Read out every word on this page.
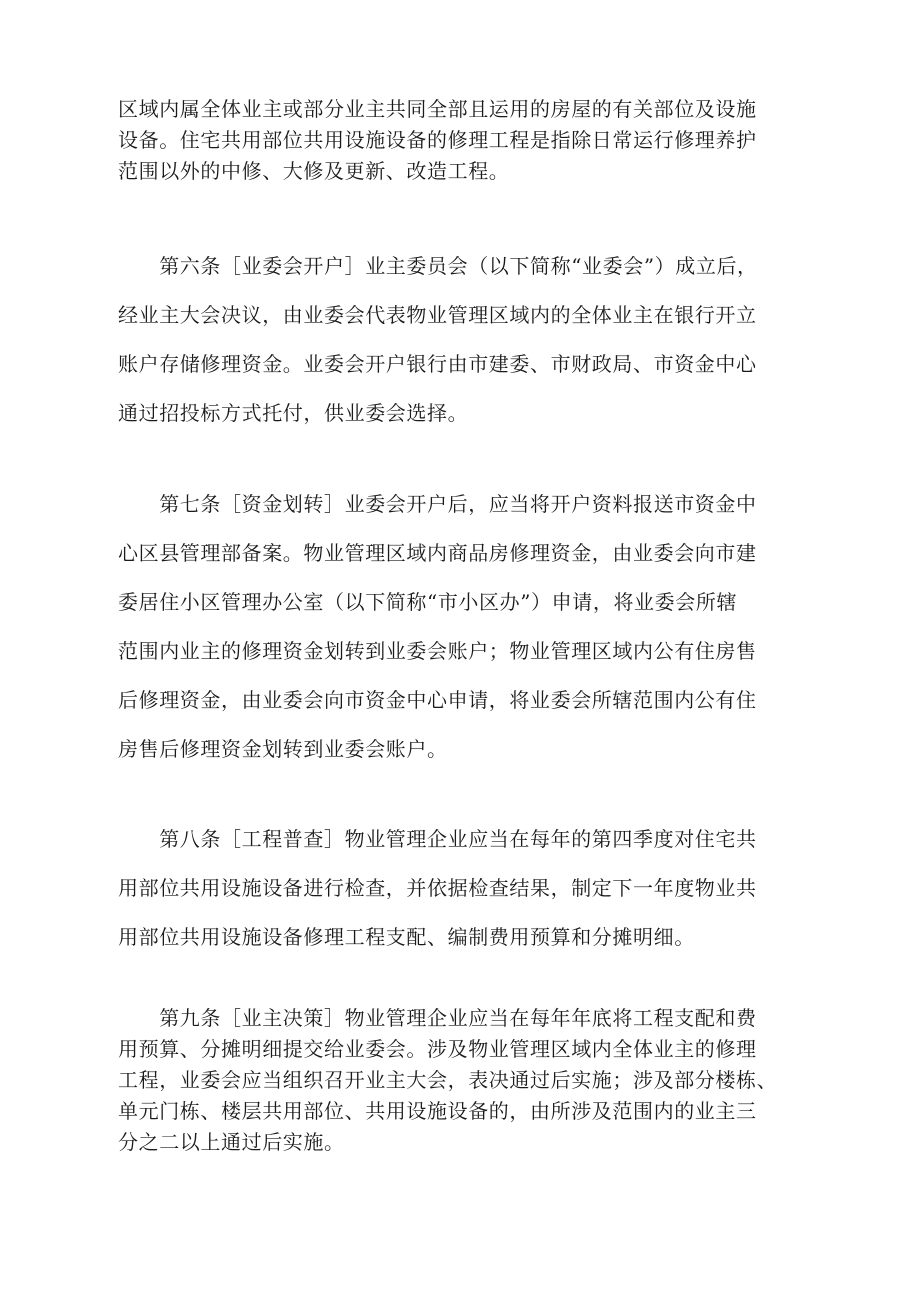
区域内属全体业主或部分业主共同全部且运用的房屋的有关部位及设施
设备。住宅共用部位共用设施设备的修理工程是指除日常运行修理养护
范围以外的中修、大修及更新、改造工程。
　　第六条［业委会开户］业主委员会（以下简称“业委会”）成立后，
经业主大会决议，由业委会代表物业管理区域内的全体业主在银行开立
账户存储修理资金。业委会开户银行由市建委、市财政局、市资金中心
通过招投标方式托付，供业委会选择。
　　第七条［资金划转］业委会开户后，应当将开户资料报送市资金中
心区县管理部备案。物业管理区域内商品房修理资金，由业委会向市建
委居住小区管理办公室（以下简称“市小区办”）申请，将业委会所辖
范围内业主的修理资金划转到业委会账户；物业管理区域内公有住房售
后修理资金，由业委会向市资金中心申请，将业委会所辖范围内公有住
房售后修理资金划转到业委会账户。
　　第八条［工程普查］物业管理企业应当在每年的第四季度对住宅共
用部位共用设施设备进行检查，并依据检查结果，制定下一年度物业共
用部位共用设施设备修理工程支配、编制费用预算和分摊明细。
　　第九条［业主决策］物业管理企业应当在每年年底将工程支配和费
用预算、分摊明细提交给业委会。涉及物业管理区域内全体业主的修理
工程，业委会应当组织召开业主大会，表决通过后实施；涉及部分楼栋、
单元门栋、楼层共用部位、共用设施设备的，由所涉及范围内的业主三
分之二以上通过后实施。
